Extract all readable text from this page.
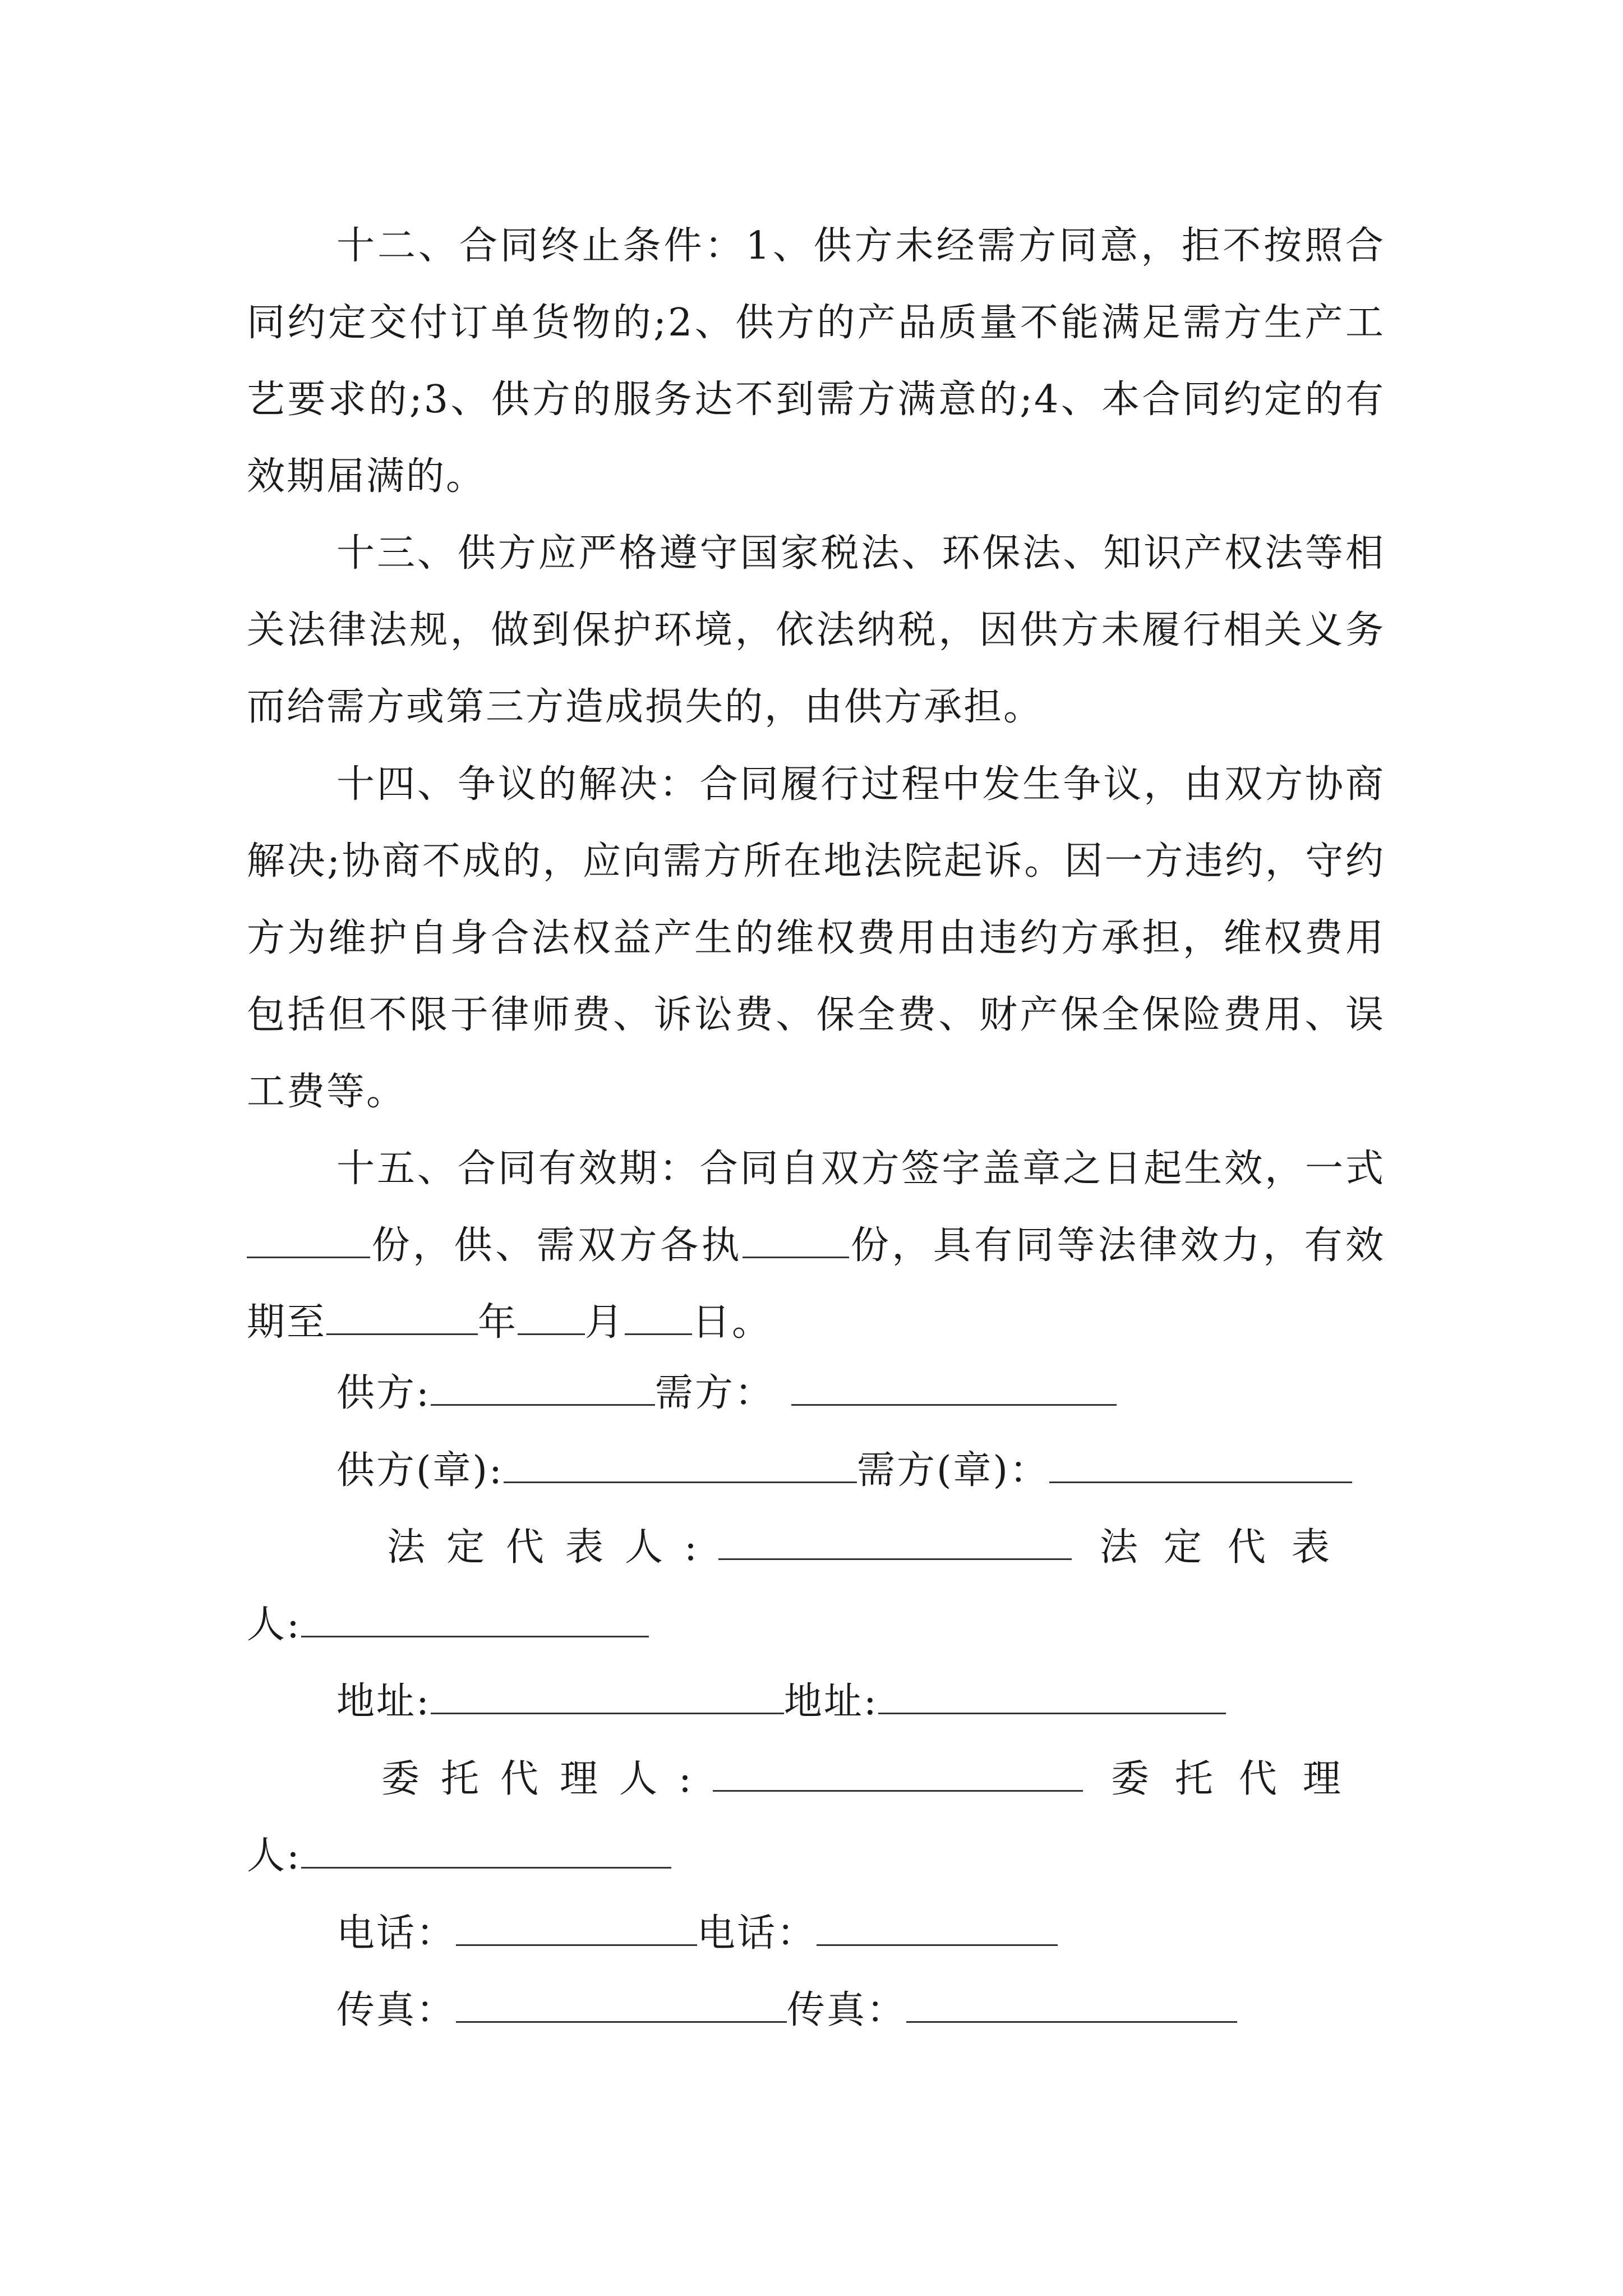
十二、合同终止条件：1、供方未经需方同意，拒不按照合同约定交付订单货物的;2、供方的产品质量不能满足需方生产工艺要求的;3、供方的服务达不到需方满意的;4、本合同约定的有效期届满的。

十三、供方应严格遵守国家税法、环保法、知识产权法等相关法律法规，做到保护环境，依法纳税，因供方未履行相关义务而给需方或第三方造成损失的，由供方承担。

十四、争议的解决：合同履行过程中发生争议，由双方协商解决;协商不成的，应向需方所在地法院起诉。因一方违约，守约方为维护自身合法权益产生的维权费用由违约方承担，维权费用包括但不限于律师费、诉讼费、保全费、财产保全保险费用、误工费等。

十五、合同有效期：合同自双方签字盖章之日起生效，一式份，供、需双方各执	份，具有同等法律效力，有效期至	年 月 日。

供方:	需方：
供方(章):	需方(章)：
法定代表人:	法定代表
人:
地址:	地址:
委托代理人:	委托代理
人:
电话：	电话：
传真：	传真：
